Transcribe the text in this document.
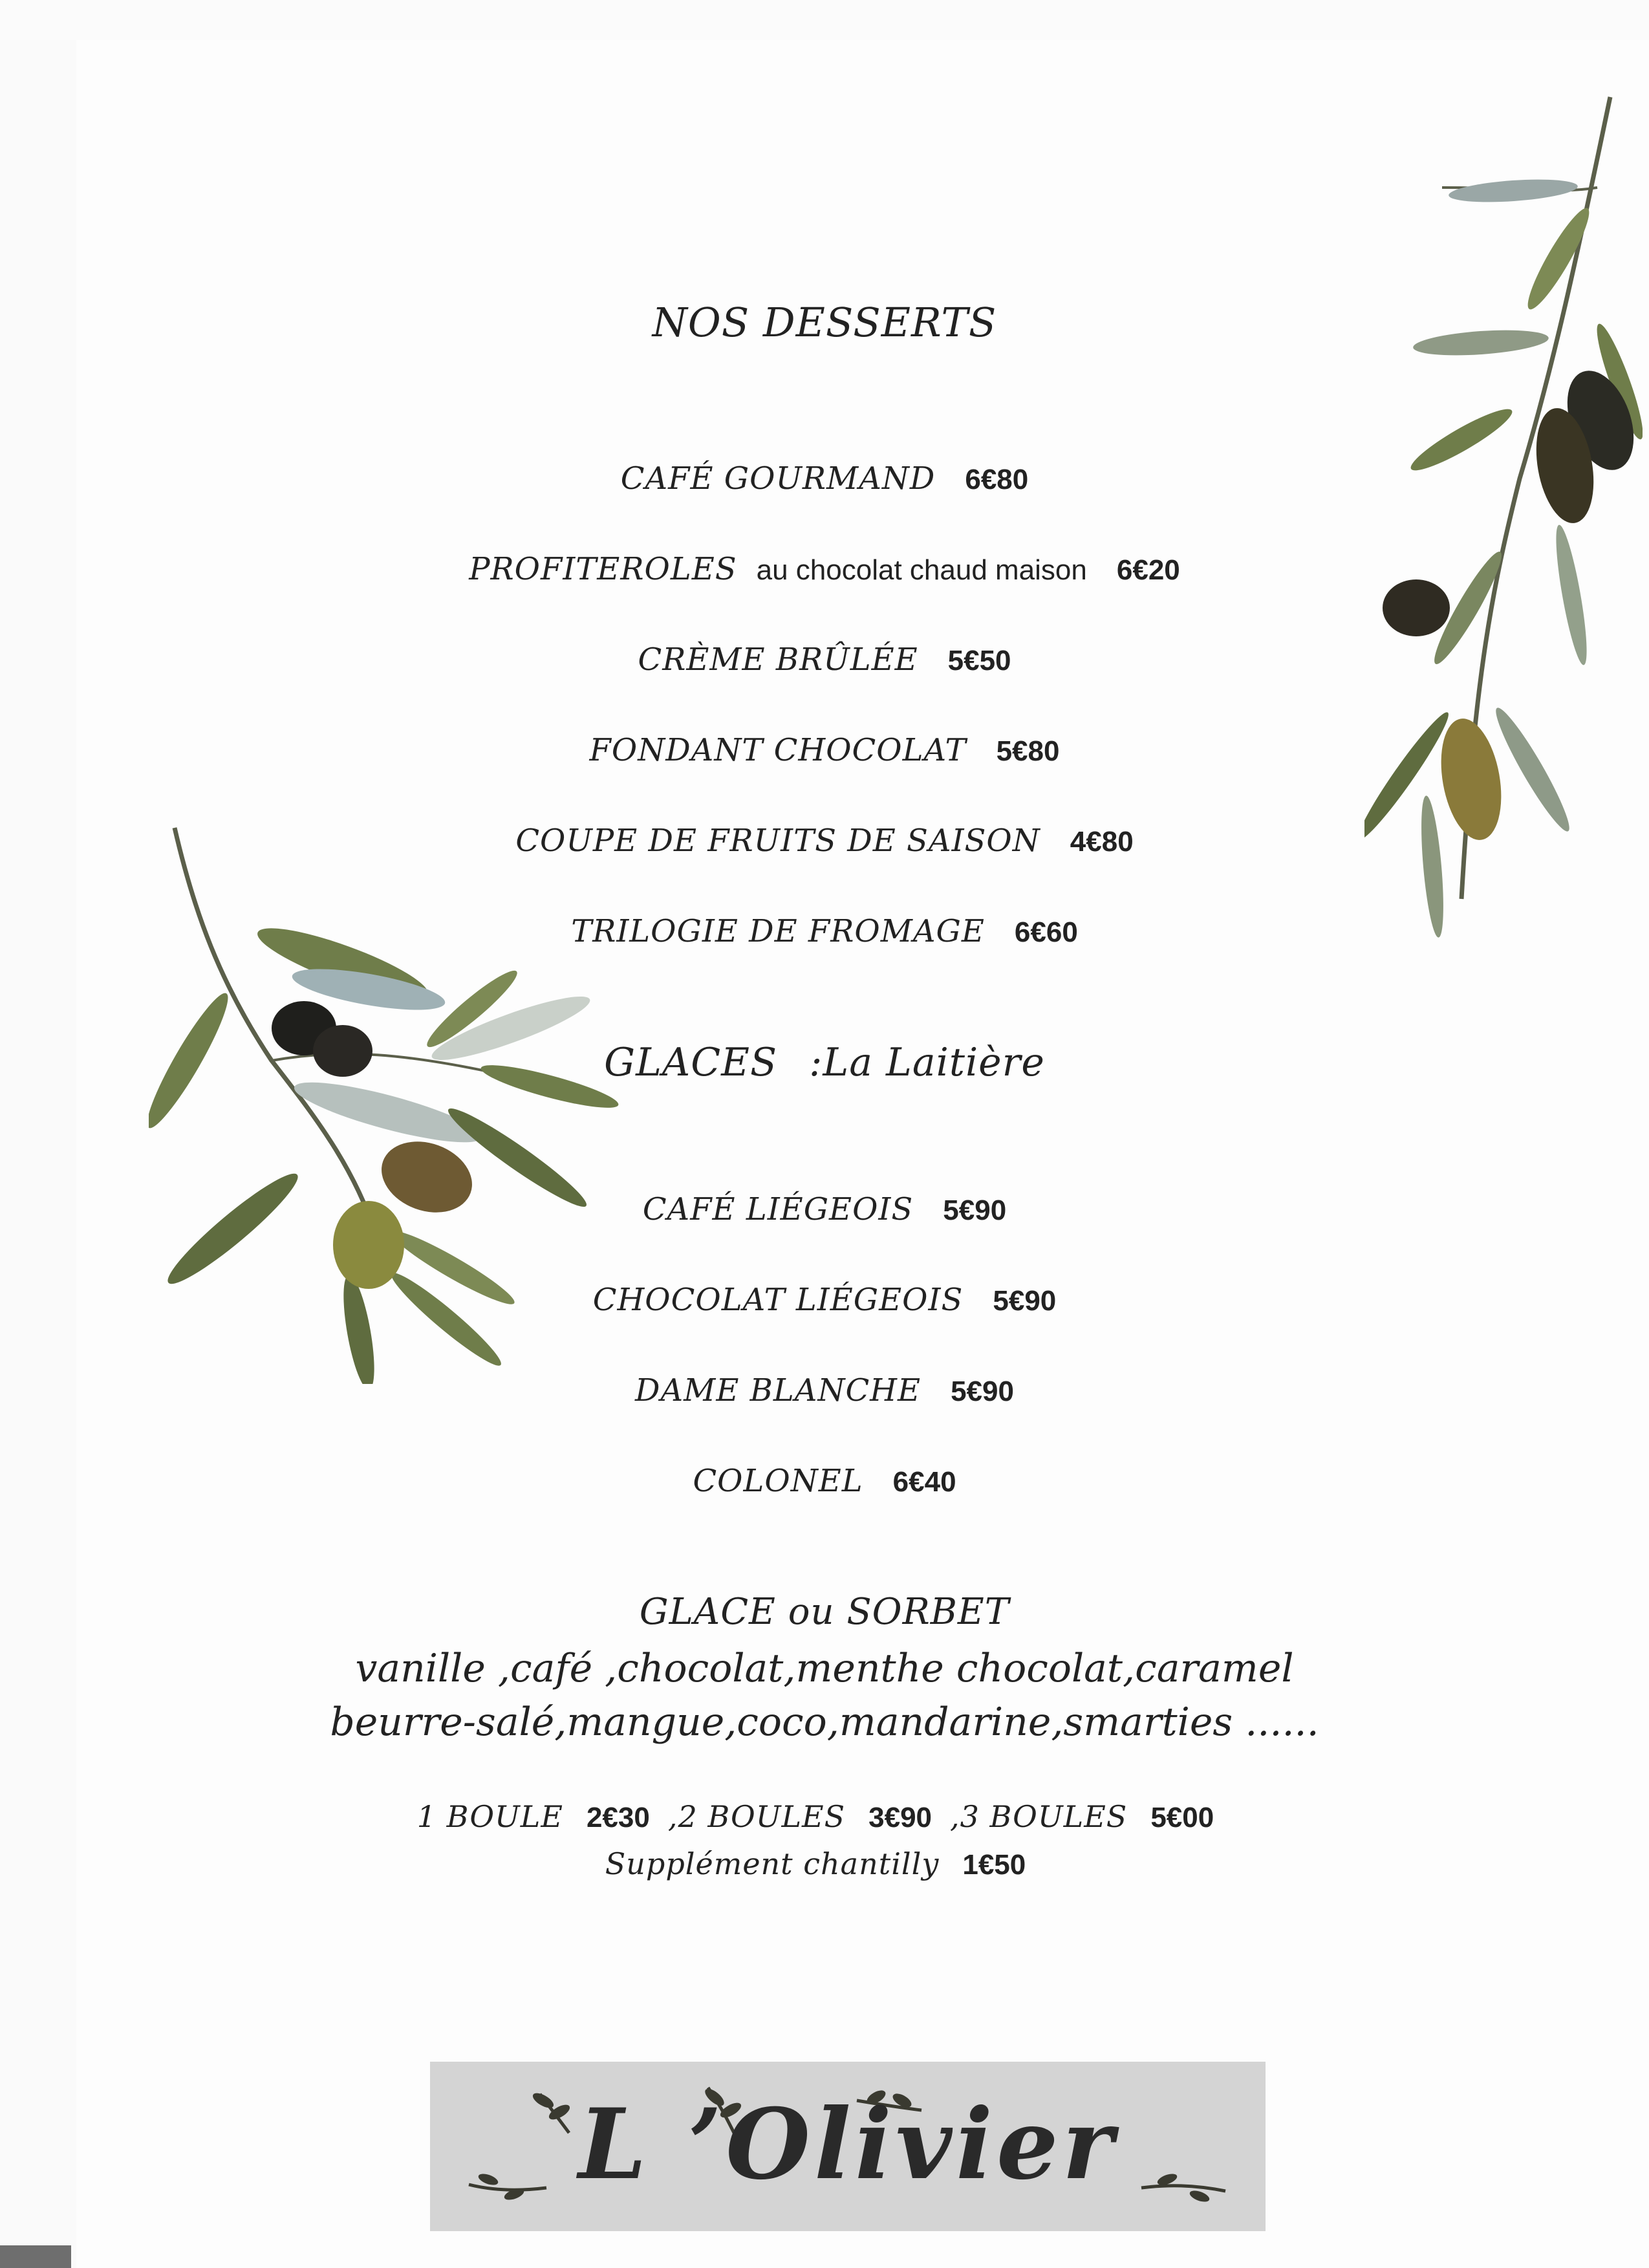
NOS DESSERTS
CAFÉ GOURMAND 6€80
PROFITEROLES au chocolat chaud maison 6€20
CRÈME BRÛLÉE 5€50
FONDANT CHOCOLAT 5€80
COUPE DE FRUITS DE SAISON 4€80
TRILOGIE DE FROMAGE 6€60
GLACES :La Laitière
CAFÉ LIÉGEOIS 5€90
CHOCOLAT LIÉGEOIS 5€90
DAME BLANCHE 5€90
COLONEL 6€40
GLACE ou SORBET
vanille ,café ,chocolat,menthe chocolat,caramel
beurre-salé,mangue,coco,mandarine,smarties ......
1 BOULE 2€30 ,2 BOULES 3€90 ,3 BOULES 5€00
Supplément chantilly 1€50
L ’Olivier
